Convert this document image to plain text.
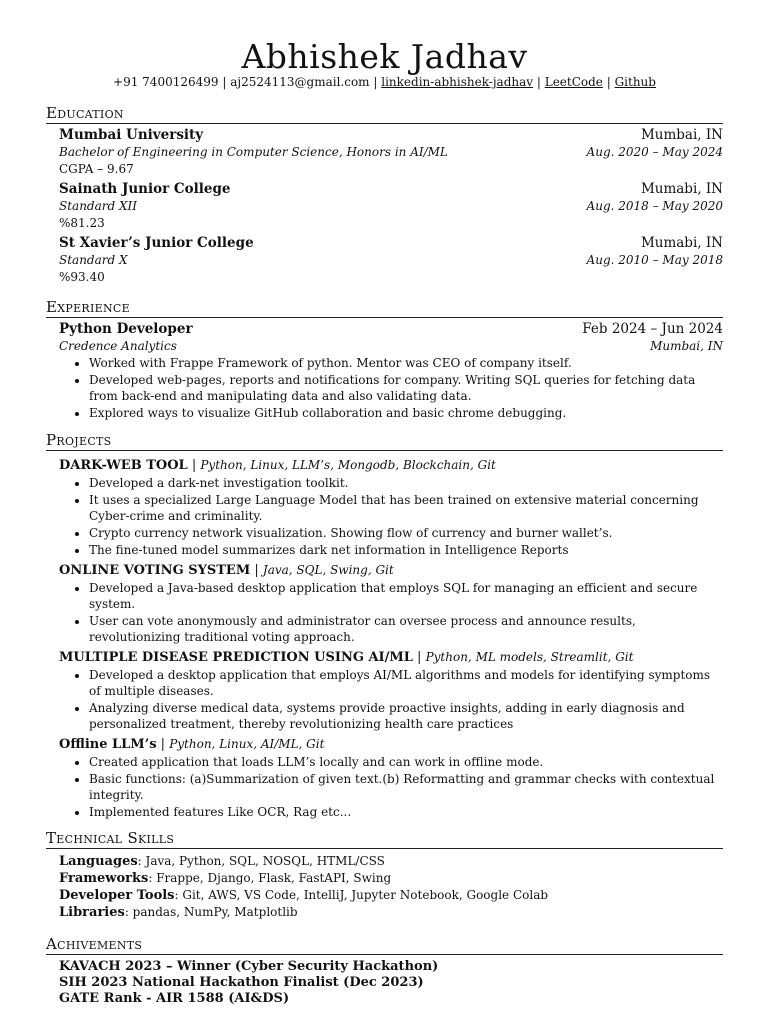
Abhishek Jadhav
+91 7400126499 | aj2524113@gmail.com | linkedin-abhishek-jadhav | LeetCode | Github
Education
Mumbai University	Mumbai, IN
Bachelor of Engineering in Computer Science, Honors in AI/ML	Aug. 2020 – May 2024
CGPA – 9.67
Sainath Junior College	Mumabi, IN
Standard XII	Aug. 2018 – May 2020
%81.23
St Xavier’s Junior College	Mumabi, IN
Standard X	Aug. 2010 – May 2018
%93.40
Experience
Python Developer	Feb 2024 – Jun 2024
Credence Analytics	Mumbai, IN
• Worked with Frappe Framework of python. Mentor was CEO of company itself.
• Developed web-pages, reports and notifications for company. Writing SQL queries for fetching data from back-end and manipulating data and also validating data.
• Explored ways to visualize GitHub collaboration and basic chrome debugging.
Projects
DARK-WEB TOOL | Python, Linux, LLM’s, Mongodb, Blockchain, Git
• Developed a dark-net investigation toolkit.
• It uses a specialized Large Language Model that has been trained on extensive material concerning Cyber-crime and criminality.
• Crypto currency network visualization. Showing flow of currency and burner wallet’s.
• The fine-tuned model summarizes dark net information in Intelligence Reports
ONLINE VOTING SYSTEM | Java, SQL, Swing, Git
• Developed a Java-based desktop application that employs SQL for managing an efficient and secure system.
• User can vote anonymously and administrator can oversee process and announce results, revolutionizing traditional voting approach.
MULTIPLE DISEASE PREDICTION USING AI/ML | Python, ML models, Streamlit, Git
• Developed a desktop application that employs AI/ML algorithms and models for identifying symptoms of multiple diseases.
• Analyzing diverse medical data, systems provide proactive insights, adding in early diagnosis and personalized treatment, thereby revolutionizing health care practices
Offline LLM’s | Python, Linux, AI/ML, Git
• Created application that loads LLM’s locally and can work in offline mode.
• Basic functions: (a)Summarization of given text.(b) Reformatting and grammar checks with contextual integrity.
• Implemented features Like OCR, Rag etc...
Technical Skills
Languages: Java, Python, SQL, NOSQL, HTML/CSS
Frameworks: Frappe, Django, Flask, FastAPI, Swing
Developer Tools: Git, AWS, VS Code, IntelliJ, Jupyter Notebook, Google Colab
Libraries: pandas, NumPy, Matplotlib
Achivements
KAVACH 2023 – Winner (Cyber Security Hackathon)
SIH 2023 National Hackathon Finalist (Dec 2023)
GATE Rank - AIR 1588 (AI&DS)
